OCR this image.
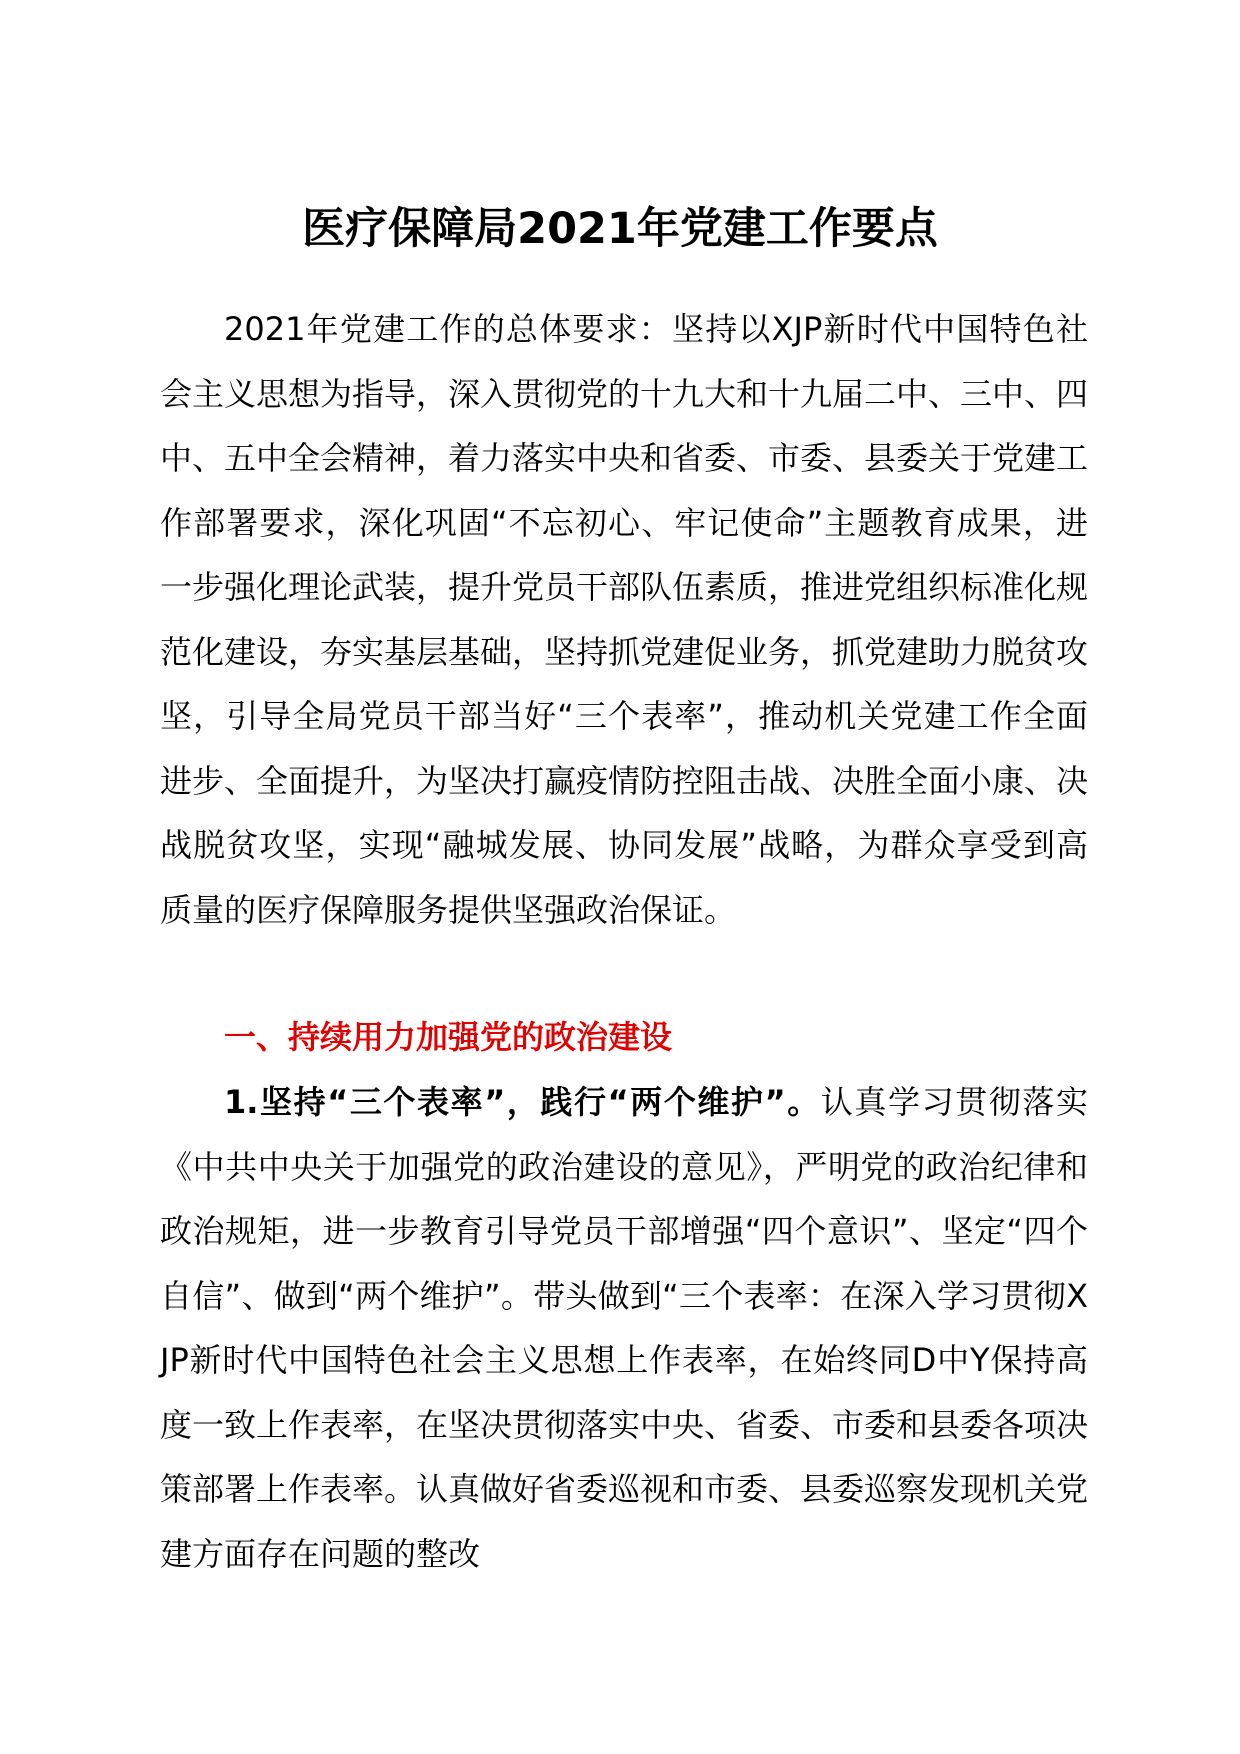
医疗保障局2021年党建工作要点

2021年党建工作的总体要求：坚持以XJP新时代中国特色社会主义思想为指导，深入贯彻党的十九大和十九届二中、三中、四中、五中全会精神，着力落实中央和省委、市委、县委关于党建工作部署要求，深化巩固“不忘初心、牢记使命”主题教育成果，进一步强化理论武装，提升党员干部队伍素质，推进党组织标准化规范化建设，夯实基层基础，坚持抓党建促业务，抓党建助力脱贫攻坚，引导全局党员干部当好“三个表率”，推动机关党建工作全面进步、全面提升，为坚决打赢疫情防控阻击战、决胜全面小康、决战脱贫攻坚，实现“融城发展、协同发展”战略，为群众享受到高质量的医疗保障服务提供坚强政治保证。

一、持续用力加强党的政治建设

1.坚持“三个表率”，践行“两个维护”。认真学习贯彻落实《中共中央关于加强党的政治建设的意见》，严明党的政治纪律和政治规矩，进一步教育引导党员干部增强“四个意识”、坚定“四个自信”、做到“两个维护”。带头做到“三个表率：在深入学习贯彻XJP新时代中国特色社会主义思想上作表率，在始终同D中Y保持高度一致上作表率，在坚决贯彻落实中央、省委、市委和县委各项决策部署上作表率。认真做好省委巡视和市委、县委巡察发现机关党建方面存在问题的整改
